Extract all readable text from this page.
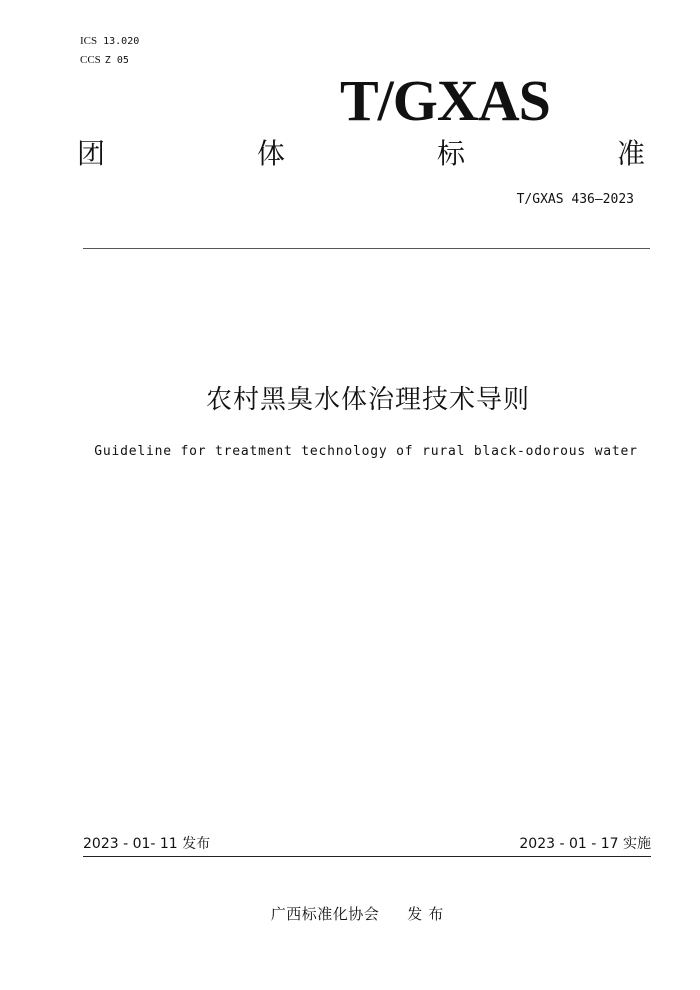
ICS 13.020
CCS Z 05
T/GXAS
团	体	标	准
T/GXAS 436—2023
农村黑臭水体治理技术导则
Guideline for treatment technology of rural black-odorous water
2023 - 01- 11 发布	2023 - 01 - 17 实施
广西标准化协会 发布
